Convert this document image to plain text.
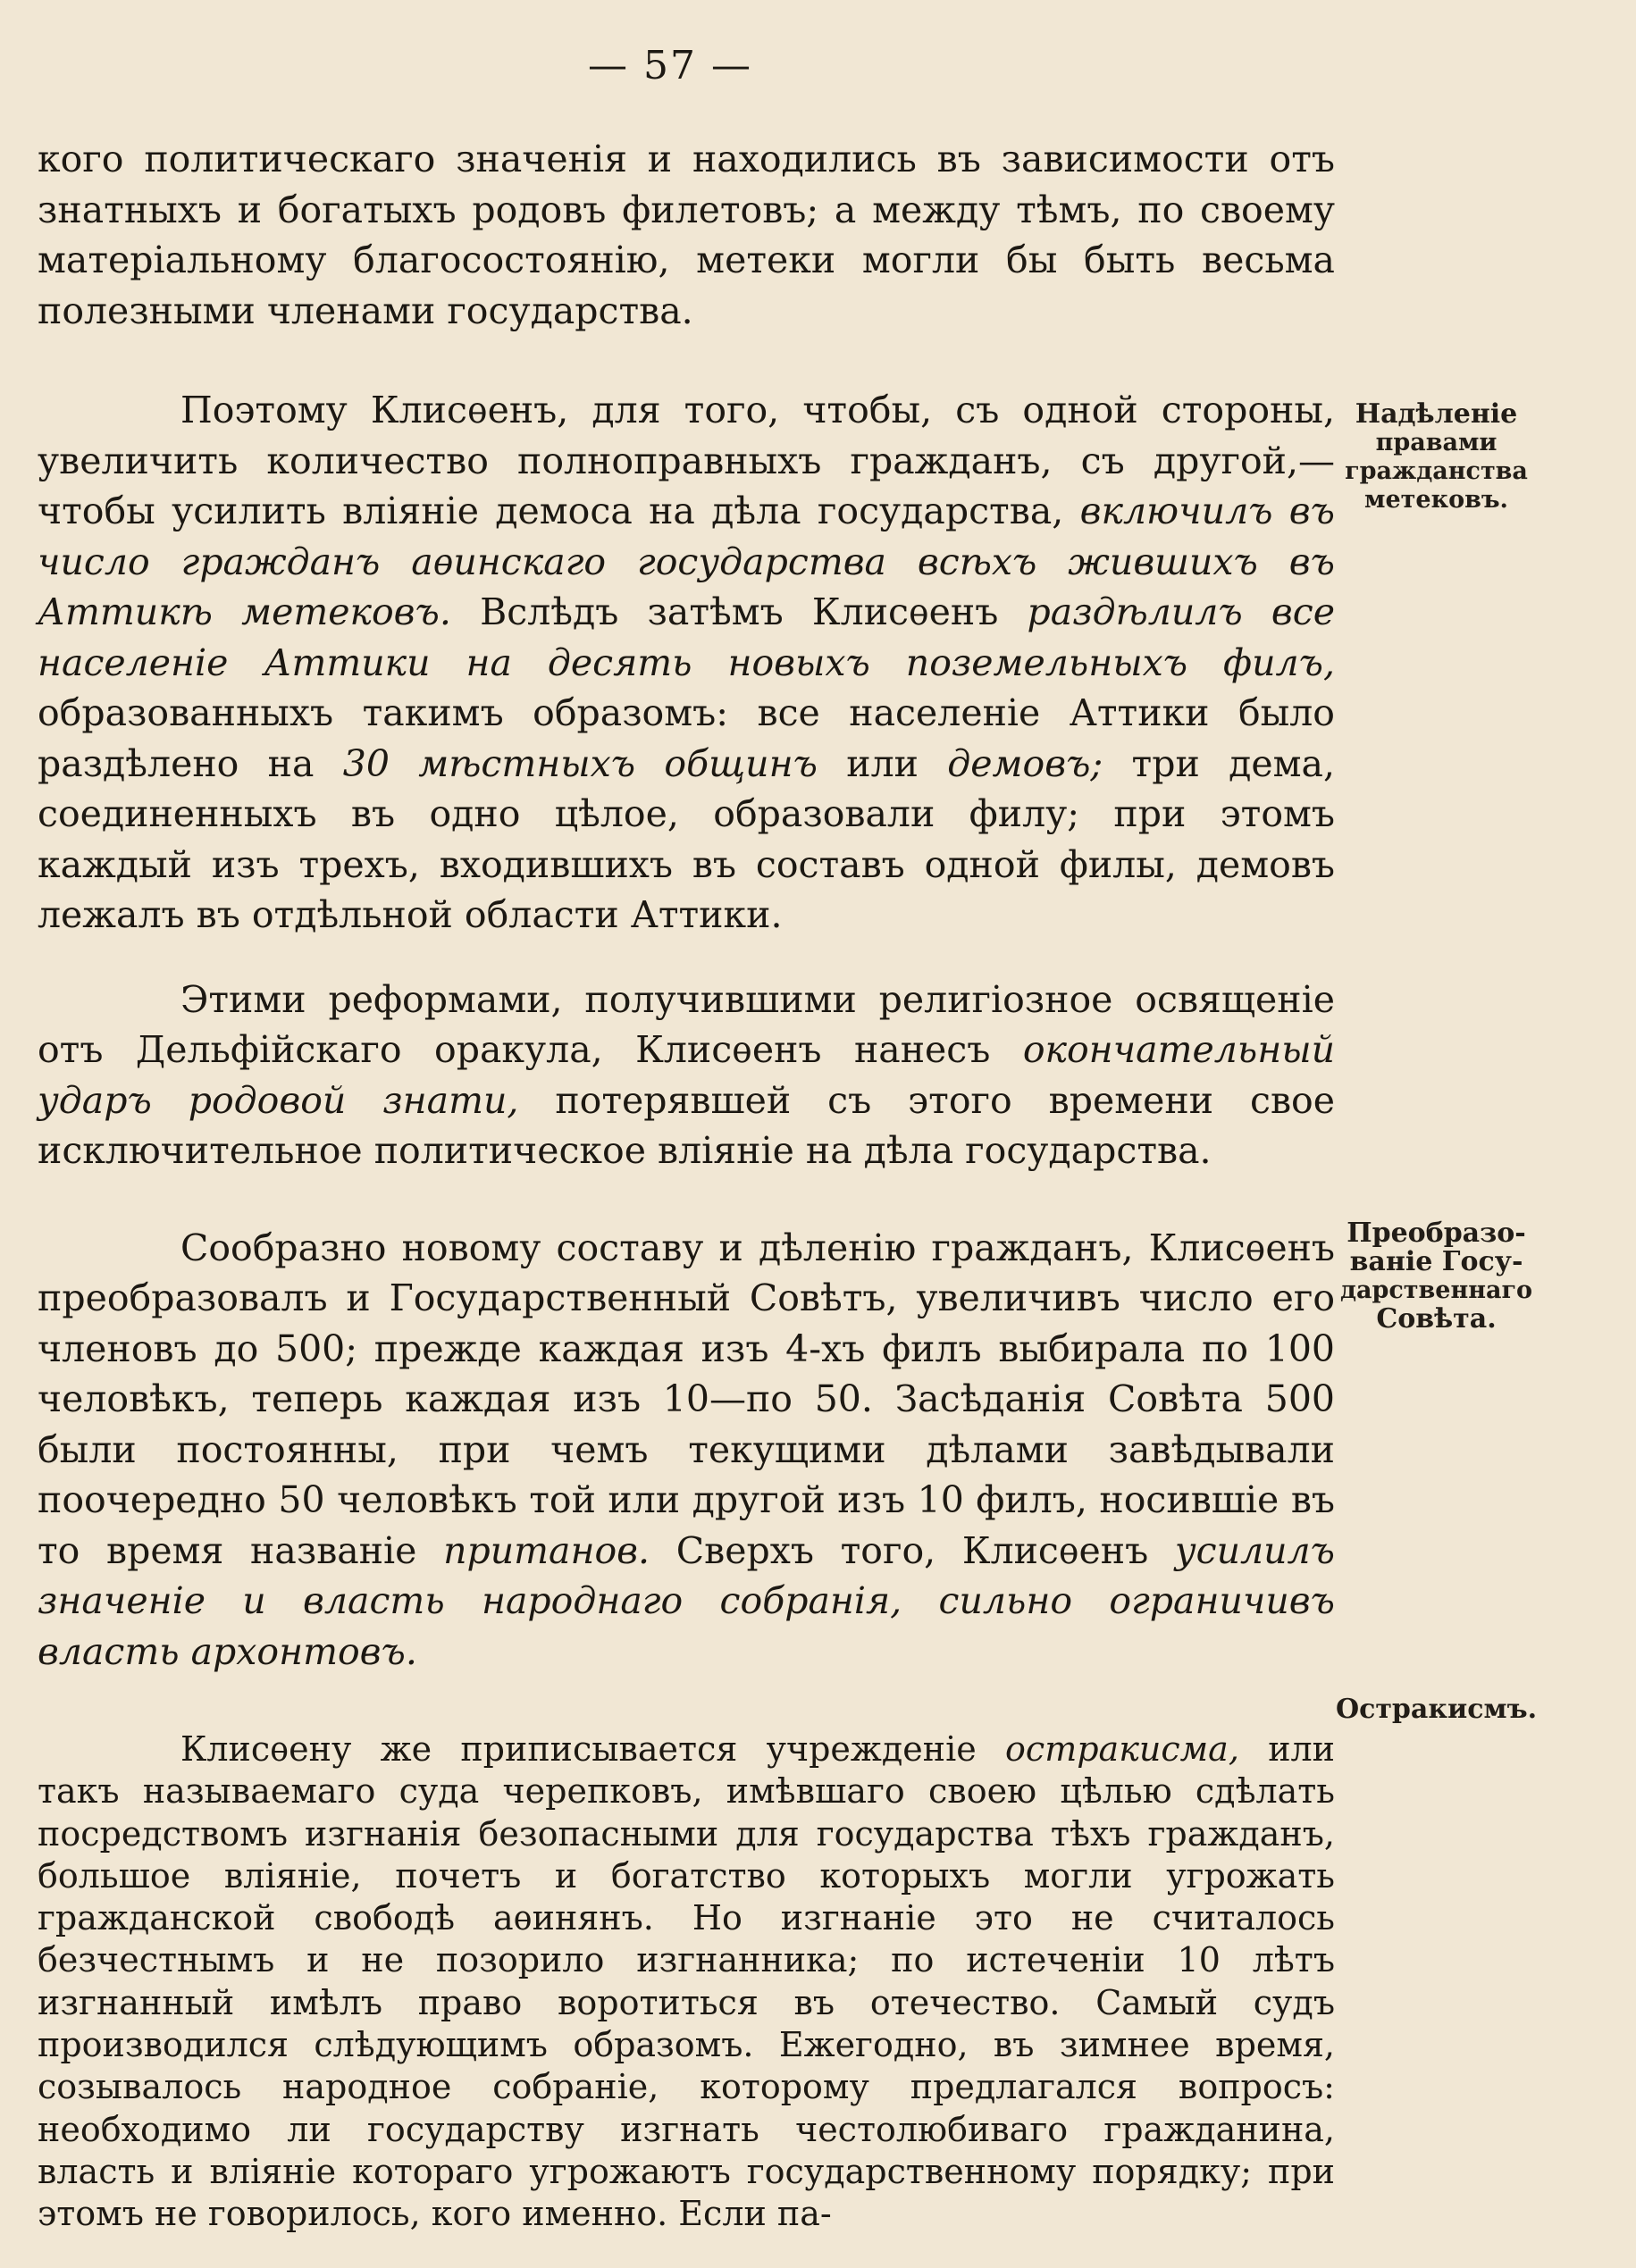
— 57 —

кого политическаго значенія и находились въ зависимости отъ знатныхъ и богатыхъ родовъ филетовъ; а между тѣмъ, по своему матеріальному благосостоянію, метеки могли бы быть весьма полезными членами государства.

Поэтому Клисѳенъ, для того, чтобы, съ одной стороны, увеличить количество полноправныхъ гражданъ, съ другой,—чтобы усилить вліяніе демоса на дѣла государства, включилъ въ число гражданъ аѳинскаго государства всѣхъ жившихъ въ Аттикѣ метековъ. Вслѣдъ затѣмъ Клисѳенъ раздѣлилъ все населеніе Аттики на десять новыхъ поземельныхъ филъ, образованныхъ такимъ образомъ: все населеніе Аттики было раздѣлено на 30 мѣстныхъ общинъ или демовъ; три дема, соединенныхъ въ одно цѣлое, образовали филу; при этомъ каждый изъ трехъ, входившихъ въ составъ одной филы, демовъ лежалъ въ отдѣльной области Аттики.

Этими реформами, получившими религіозное освященіе отъ Дельфійскаго оракула, Клисѳенъ нанесъ окончательный ударъ родовой знати, потерявшей съ этого времени свое исключительное политическое вліяніе на дѣла государства.

Сообразно новому составу и дѣленію гражданъ, Клисѳенъ преобразовалъ и Государственный Совѣтъ, увеличивъ число его членовъ до 500; прежде каждая изъ 4-хъ филъ выбирала по 100 человѣкъ, теперь каждая изъ 10—по 50. Засѣданія Совѣта 500 были постоянны, при чемъ текущими дѣлами завѣдывали поочередно 50 человѣкъ той или другой изъ 10 филъ, носившіе въ то время названіе пританов. Сверхъ того, Клисѳенъ усилилъ значеніе и власть народнаго собранія, сильно ограничивъ власть архонтовъ.

Клисѳену же приписывается учрежденіе остракисма, или такъ называемаго суда черепковъ, имѣвшаго своею цѣлью сдѣлать посредствомъ изгнанія безопасными для государства тѣхъ гражданъ, большое вліяніе, почетъ и богатство которыхъ могли угрожать гражданской свободѣ аѳинянъ. Но изгнаніе это не считалось безчестнымъ и не позорило изгнанника; по истеченіи 10 лѣтъ изгнанный имѣлъ право воротиться въ отечество. Самый судъ производился слѣдующимъ образомъ. Ежегодно, въ зимнее время, созывалось народное собраніе, которому предлагался вопросъ: необходимо ли государству изгнать честолюбиваго гражданина, власть и вліяніе котораго угрожаютъ государственному порядку; при этомъ не говорилось, кого именно. Если па-

Надѣленіе
правами
гражданства
метековъ.
Преобразо-
ваніе Госу-
дарственнаго
Совѣта.
Остракисмъ.
